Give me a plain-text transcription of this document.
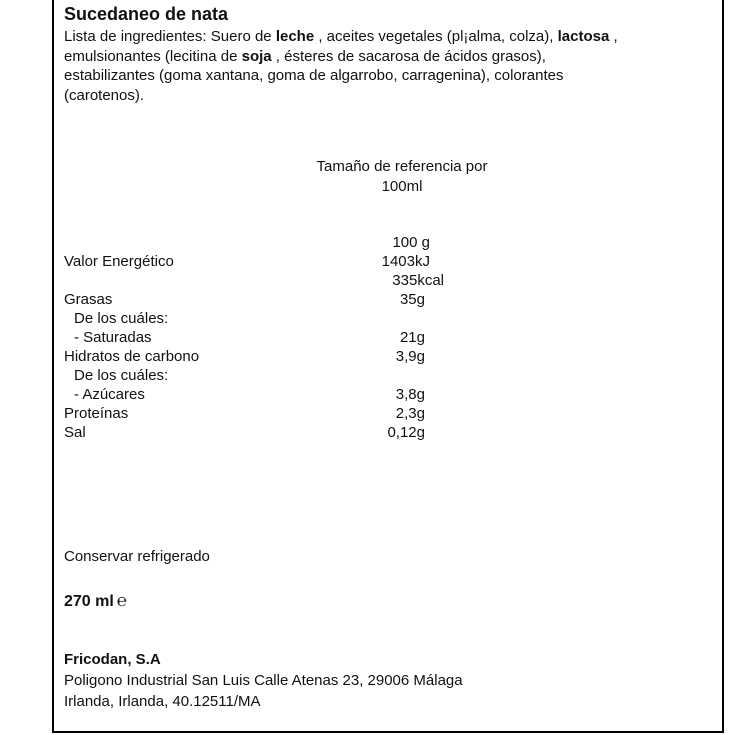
Sucedaneo de nata
Lista de ingredientes: Suero de leche , aceites vegetales (pl¡alma, colza), lactosa , emulsionantes (lecitina de soja , ésteres de sacarosa de ácidos grasos), estabilizantes (goma xantana, goma de algarrobo, carragenina), colorantes (carotenos).
Tamaño de referencia por
100ml
100 g
Valor Energético	1403kJ
335kcal
Grasas	35g
De los cuáles:
- Saturadas	21g
Hidratos de carbono	3,9g
De los cuáles:
- Azúcares	3,8g
Proteínas	2,3g
Sal	0,12g
Conservar refrigerado
270 ml ℮
Fricodan, S.A
Poligono Industrial San Luis Calle Atenas 23, 29006 Málaga
Irlanda, Irlanda, 40.12511/MA
